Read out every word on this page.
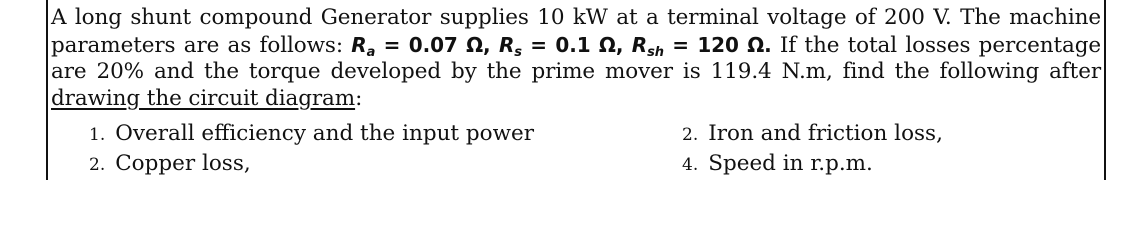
A long shunt compound Generator supplies 10 kW at a terminal voltage of 200 V. The machine parameters are as follows: $R_a = 0.07$ Ω, $R_s = 0.1$ Ω, $R_{sh} = 120$ Ω. If the total losses percentage are 20% and the torque developed by the prime mover is 119.4 N.m, find the following after drawing the circuit diagram:

1. Overall efficiency and the input power
2. Copper loss,
2. Iron and friction loss,
4. Speed in r.p.m.
